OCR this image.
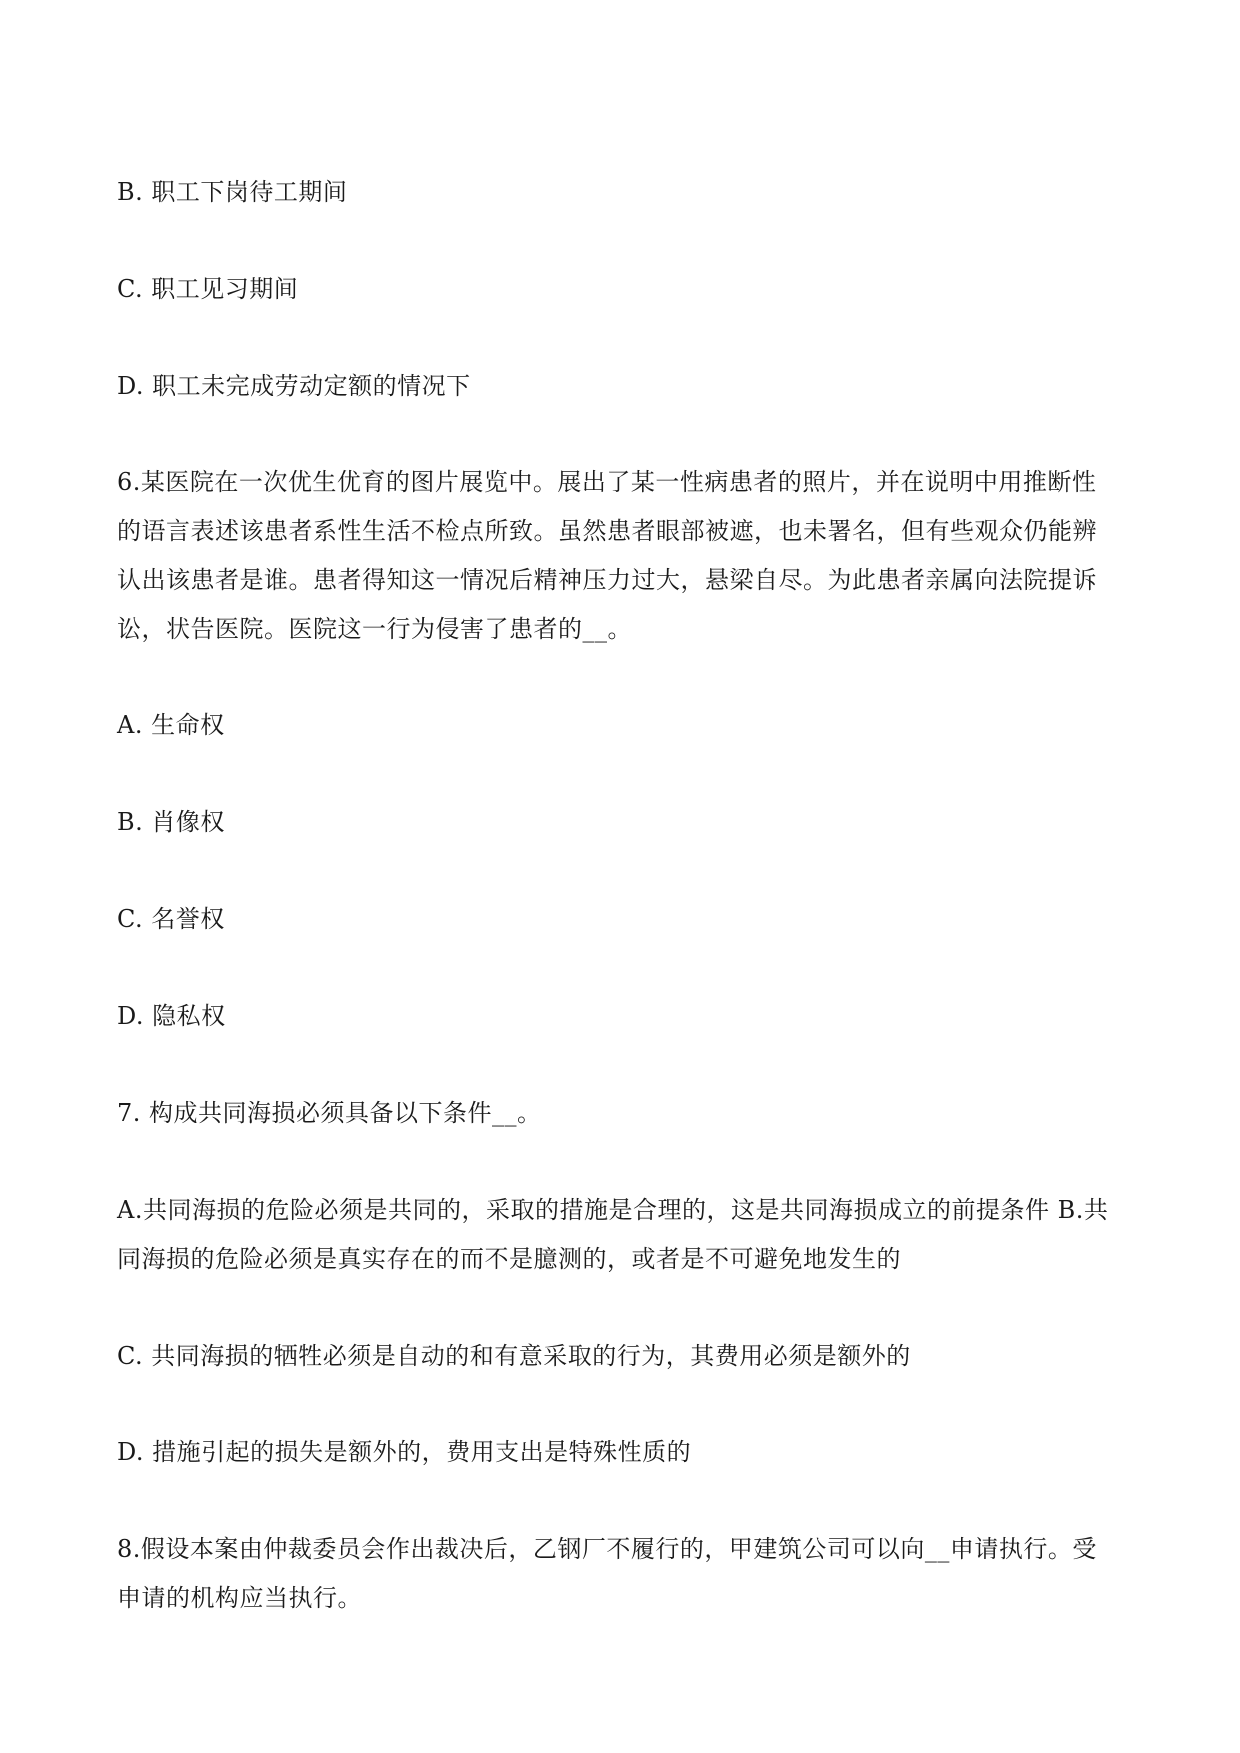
B. 职工下岗待工期间
C. 职工见习期间
D. 职工未完成劳动定额的情况下
6.某医院在一次优生优育的图片展览中。展出了某一性病患者的照片，并在说明中用推断性
的语言表述该患者系性生活不检点所致。虽然患者眼部被遮，也未署名，但有些观众仍能辨
认出该患者是谁。患者得知这一情况后精神压力过大，悬梁自尽。为此患者亲属向法院提诉
讼，状告医院。医院这一行为侵害了患者的__。
A. 生命权
B. 肖像权
C. 名誉权
D. 隐私权
7. 构成共同海损必须具备以下条件__。
A.共同海损的危险必须是共同的，采取的措施是合理的，这是共同海损成立的前提条件 B.共
同海损的危险必须是真实存在的而不是臆测的，或者是不可避免地发生的
C. 共同海损的牺牲必须是自动的和有意采取的行为，其费用必须是额外的
D. 措施引起的损失是额外的，费用支出是特殊性质的
8.假设本案由仲裁委员会作出裁决后，乙钢厂不履行的，甲建筑公司可以向__申请执行。受
申请的机构应当执行。
